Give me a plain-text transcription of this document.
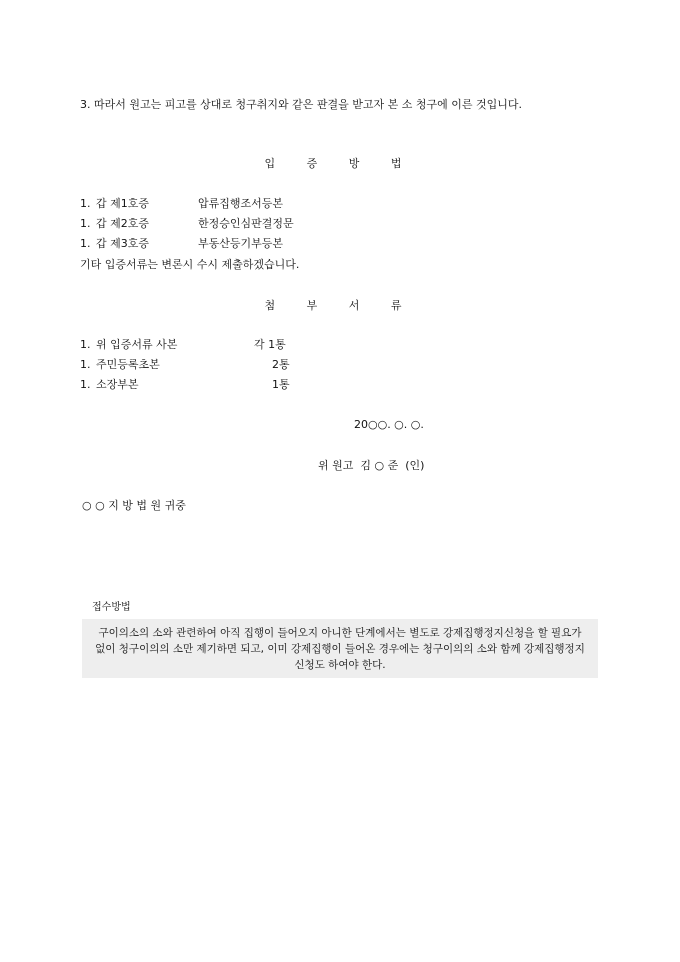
3. 따라서 원고는 피고를 상대로 청구취지와 같은 판결을 받고자 본 소 청구에 이른 것입니다.
입 증 방 법
1. 갑 제1호증	압류집행조서등본
1. 갑 제2호증	한정승인심판결정문
1. 갑 제3호증	부동산등기부등본
기타 입증서류는 변론시 수시 제출하겠습니다.
첨 부 서 류
1. 위 입증서류 사본	각 1통
1. 주민등록초본	2통
1. 소장부본	1통
20○○. ○. ○.
위 원고  김 ○ 준  (인)
○ ○ 지 방 법 원 귀중
접수방법
구이의소의 소와 관련하여 아직 집행이 들어오지 아니한 단계에서는 별도로 강제집행정지신청을 할 필요가 없이 청구이의의 소만 제기하면 되고, 이미 강제집행이 들어온 경우에는 청구이의의 소와 함께 강제집행정지신청도 하여야 한다.
